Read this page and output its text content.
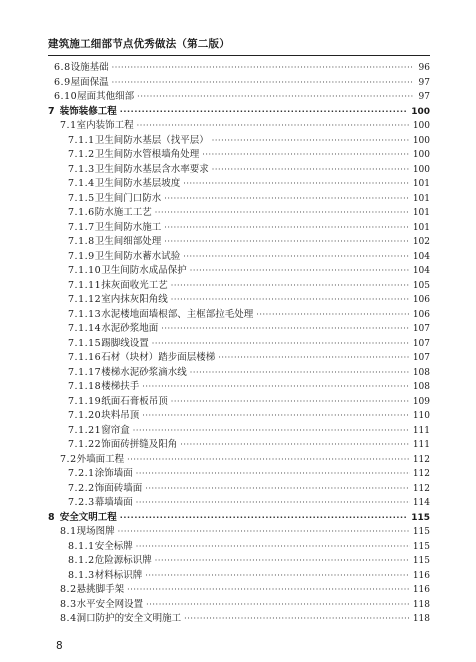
建筑施工细部节点优秀做法（第二版）
6.8 设施基础 ·····	96
6.9 屋面保温 ·····	97
6.10 屋面其他细部 ·····	97
7 装饰装修工程 ·····	100
7.1 室内装饰工程 ·····	100
7.1.1 卫生间防水基层（找平层） ·····	100
7.1.2 卫生间防水管根墙角处理 ·····	100
7.1.3 卫生间防水基层含水率要求 ·····	100
7.1.4 卫生间防水基层坡度 ·····	101
7.1.5 卫生间门口防水 ·····	101
7.1.6 防水施工工艺 ·····	101
7.1.7 卫生间防水施工 ·····	101
7.1.8 卫生间细部处理 ·····	102
7.1.9 卫生间防水蓄水试验 ·····	104
7.1.10 卫生间防水成品保护 ·····	104
7.1.11 抹灰面收光工艺 ·····	105
7.1.12 室内抹灰阳角线 ·····	106
7.1.13 水泥楼地面墙根部、主框部拉毛处理 ·····	106
7.1.14 水泥砂浆地面 ·····	107
7.1.15 踢脚线设置 ·····	107
7.1.16 石材（块材）踏步面层楼梯 ·····	107
7.1.17 楼梯水泥砂浆滴水线 ·····	108
7.1.18 楼梯扶手 ·····	108
7.1.19 纸面石膏板吊顶 ·····	109
7.1.20 块料吊顶 ·····	110
7.1.21 窗帘盒 ·····	111
7.1.22 饰面砖拼缝及阳角 ·····	111
7.2 外墙面工程 ·····	112
7.2.1 涂饰墙面 ·····	112
7.2.2 饰面砖墙面 ·····	112
7.2.3 幕墙墙面 ·····	114
8 安全文明工程 ·····	115
8.1 现场图牌 ·····	115
8.1.1 安全标牌 ·····	115
8.1.2 危险源标识牌 ·····	115
8.1.3 材料标识牌 ·····	116
8.2 悬挑脚手架 ·····	116
8.3 水平安全网设置 ·····	118
8.4 洞口防护的安全文明施工 ·····	118
8
